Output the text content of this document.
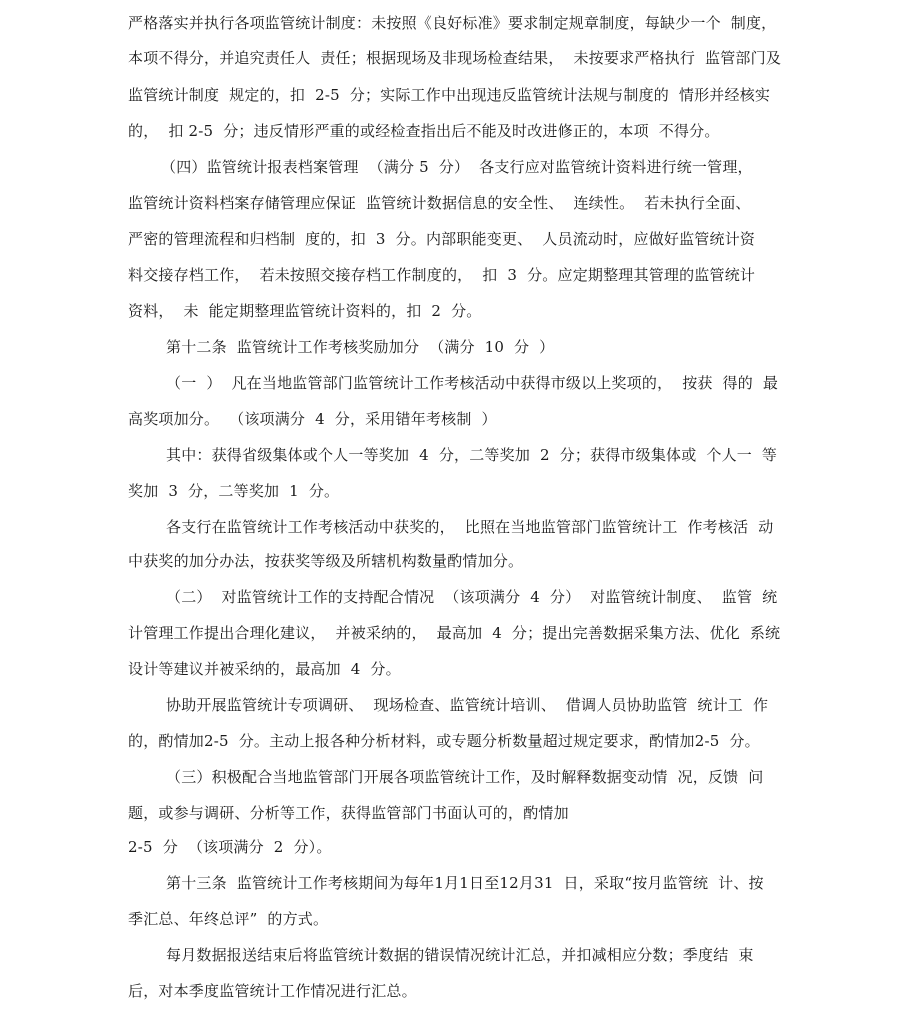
严格落实并执行各项监管统计制度：未按照《良好标准》要求制定规章制度，每缺少一个  制度，
本项不得分，并追究责任人  责任；根据现场及非现场检查结果，  未按要求严格执行  监管部门及
监管统计制度  规定的，扣  2-5  分；实际工作中出现违反监管统计法规与制度的  情形并经核实
的，  扣 2-5  分；违反情形严重的或经检查指出后不能及时改进修正的，本项  不得分。
（四）监管统计报表档案管理  （满分 5  分）  各支行应对监管统计资料进行统一管理，
监管统计资料档案存储管理应保证  监管统计数据信息的安全性、  连续性。  若未执行全面、
严密的管理流程和归档制  度的，扣  3  分。内部职能变更、  人员流动时，应做好监管统计资
料交接存档工作，  若未按照交接存档工作制度的，  扣  3  分。应定期整理其管理的监管统计
资料，  未  能定期整理监管统计资料的，扣  2  分。
第十二条  监管统计工作考核奖励加分  （满分  10  分  ）
（一  ）  凡在当地监管部门监管统计工作考核活动中获得市级以上奖项的，  按获  得的  最
高奖项加分。  （该项满分  4  分，采用错年考核制  ）
其中：获得省级集体或个人一等奖加  4  分，二等奖加  2  分；获得市级集体或  个人一  等
奖加  3  分，二等奖加  1  分。
各支行在监管统计工作考核活动中获奖的，  比照在当地监管部门监管统计工  作考核活  动
中获奖的加分办法，按获奖等级及所辖机构数量酌情加分。
（二）  对监管统计工作的支持配合情况  （该项满分  4  分）  对监管统计制度、  监管  统
计管理工作提出合理化建议，  并被采纳的，  最高加  4  分；提出完善数据采集方法、优化  系统
设计等建议并被采纳的，最高加  4  分。
协助开展监管统计专项调研、  现场检查、监管统计培训、  借调人员协助监管  统计工  作
的，酌情加2-5  分。主动上报各种分析材料，或专题分析数量超过规定要求，酌情加2-5  分。
（三）积极配合当地监管部门开展各项监管统计工作，及时解释数据变动情  况，反馈  问
题，或参与调研、分析等工作，获得监管部门书面认可的，酌情加
2-5  分  （该项满分  2  分）。
第十三条  监管统计工作考核期间为每年1月1日至12月31  日，采取“按月监管统  计、按
季汇总、年终总评”  的方式。
每月数据报送结束后将监管统计数据的错误情况统计汇总，并扣减相应分数；季度结  束
后，对本季度监管统计工作情况进行汇总。
